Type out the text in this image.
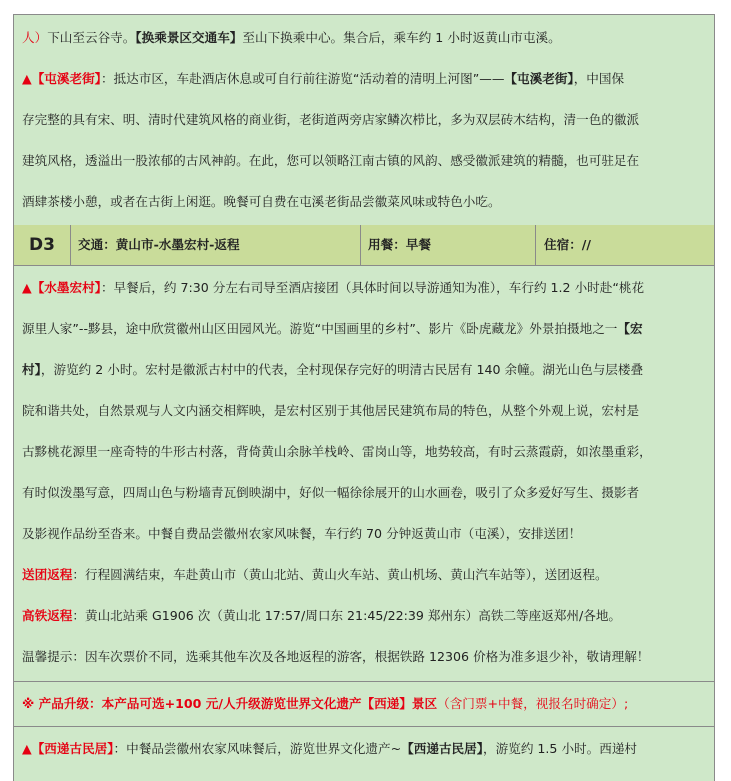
人）下山至云谷寺。【换乘景区交通车】至山下换乘中心。集合后，乘车约 1 小时返黄山市屯溪。

▲【屯溪老街】：抵达市区，车赴酒店休息或可自行前往游览“活动着的清明上河图”——【屯溪老街】，中国保

存完整的具有宋、明、清时代建筑风格的商业街，老街道两旁店家鳞次栉比，多为双层砖木结构，清一色的徽派

建筑风格，透溢出一股浓郁的古风神韵。在此，您可以领略江南古镇的风韵、感受徽派建筑的精髓，也可驻足在

酒肆茶楼小憩，或者在古街上闲逛。晚餐可自费在屯溪老街品尝徽菜风味或特色小吃。

D3	交通：黄山市-水墨宏村-返程	用餐：早餐	住宿：//

▲【水墨宏村】：早餐后，约 7:30 分左右司导至酒店接团（具体时间以导游通知为准），车行约 1.2 小时赴“桃花

源里人家”--黟县，途中欣赏徽州山区田园风光。游览“中国画里的乡村”、影片《卧虎藏龙》外景拍摄地之一【宏

村】，游览约 2 小时。宏村是徽派古村中的代表，全村现保存完好的明清古民居有 140 余幢。湖光山色与层楼叠

院和谐共处，自然景观与人文内涵交相辉映，是宏村区别于其他居民建筑布局的特色，从整个外观上说，宏村是

古黟桃花源里一座奇特的牛形古村落，背倚黄山余脉羊栈岭、雷岗山等，地势较高，有时云蒸霞蔚，如浓墨重彩，

有时似泼墨写意，四周山色与粉墙青瓦倒映湖中，好似一幅徐徐展开的山水画卷，吸引了众多爱好写生、摄影者

及影视作品纷至沓来。中餐自费品尝徽州农家风味餐，车行约 70 分钟返黄山市（屯溪），安排送团！

送团返程：行程圆满结束，车赴黄山市（黄山北站、黄山火车站、黄山机场、黄山汽车站等），送团返程。

高铁返程：黄山北站乘 G1906 次（黄山北 17:57/周口东 21:45/22:39 郑州东）高铁二等座返郑州/各地。

温馨提示：因车次票价不同，选乘其他车次及各地返程的游客，根据铁路 12306 价格为准多退少补，敬请理解！

※ 产品升级：本产品可选+100 元/人升级游览世界文化遗产【西递】景区（含门票+中餐，视报名时确定）;

▲【西递古民居】：中餐品尝徽州农家风味餐后，游览世界文化遗产~【西递古民居】，游览约 1.5 小时。西递村
